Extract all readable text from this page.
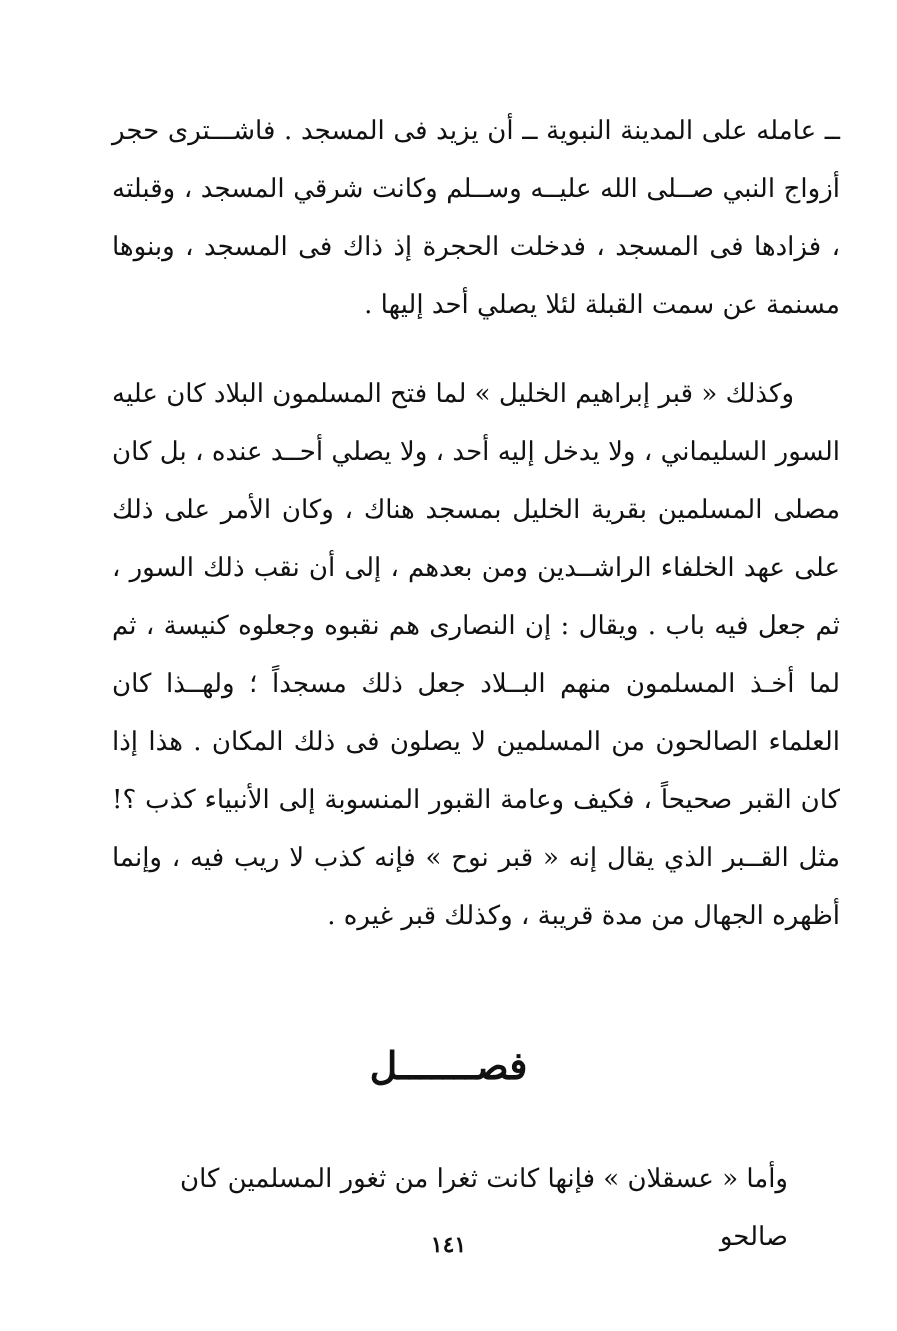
ــ عامله على المدينة النبوية ــ أن يزيد فى المسجد . فاشـــترى حجر أزواج النبي صــلى الله عليــه وســلم وكانت شرقي المسجد ، وقبلته ، فزادها فى المسجد ، فدخلت الحجرة إذ ذاك فى المسجد ، وبنوها مسنمة عن سمت القبلة لئلا يصلي أحد إليها .

وكذلك « قبر إبراهيم الخليل » لما فتح المسلمون البلاد كان عليه السور السليماني ، ولا يدخل إليه أحد ، ولا يصلي أحــد عنده ، بل كان مصلى المسلمين بقرية الخليل بمسجد هناك ، وكان الأمر على ذلك على عهد الخلفاء الراشــدين ومن بعدهم ، إلى أن نقب ذلك السور ، ثم جعل فيه باب . ويقال : إن النصارى هم نقبوه وجعلوه كنيسة ، ثم لما أخـذ المسلمون منهم البــلاد جعل ذلك مسجداً ؛ ولهــذا كان العلماء الصالحون من المسلمين لا يصلون فى ذلك المكان . هذا إذا كان القبر صحيحاً ، فكيف وعامة القبور المنسوبة إلى الأنبياء كذب ؟! مثل القــبر الذي يقال إنه « قبر نوح » فإنه كذب لا ريب فيه ، وإنما أظهره الجهال من مدة قريبة ، وكذلك قبر غيره .

فصـــــــل

وأما « عسقلان » فإنها كانت ثغرا من ثغور المسلمين كان صالحو

١٤١
